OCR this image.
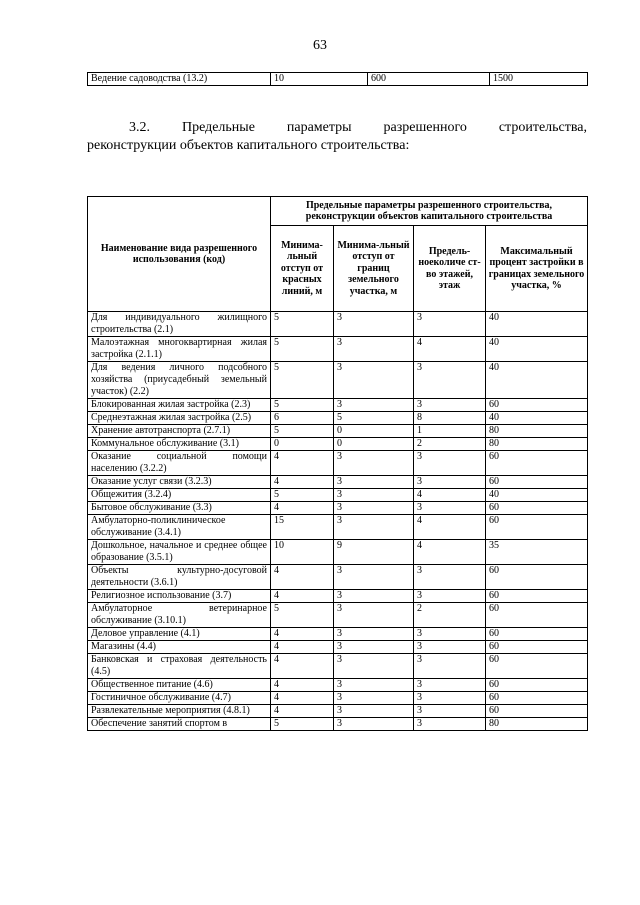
63
Ведение садоводства (13.2)	10	600	1500
3.2. Предельные параметры разрешенного строительства,
реконструкции объектов капитального строительства:
Наименование вида разрешенного использования (код)	Предельные параметры разрешенного строительства, реконструкции объектов капитального строительства			
	Минима-льный отступ от красных линий, м	Минима-льный отступ от границ земельного участка, м	Предель-ноеколиче ст-во этажей, этаж	Максимальный процент застройки в границах земельного участка, %
Для индивидуального жилищного строительства (2.1)	5	3	3	40
Малоэтажная многоквартирная жилая застройка (2.1.1)	5	3	4	40
Для ведения личного подсобного хозяйства (приусадебный земельный участок) (2.2)	5	3	3	40
Блокированная жилая застройка (2.3)	5	3	3	60
Среднеэтажная жилая застройка (2.5)	6	5	8	40
Хранение автотранспорта (2.7.1)	5	0	1	80
Коммунальное обслуживание (3.1)	0	0	2	80
Оказание социальной помощи населению (3.2.2)	4	3	3	60
Оказание услуг связи (3.2.3)	4	3	3	60
Общежития (3.2.4)	5	3	4	40
Бытовое обслуживание (3.3)	4	3	3	60
Амбулаторно-поликлиническое обслуживание (3.4.1)	15	3	4	60
Дошкольное, начальное и среднее общее образование (3.5.1)	10	9	4	35
Объекты культурно-досуговой деятельности (3.6.1)	4	3	3	60
Религиозное использование (3.7)	4	3	3	60
Амбулаторное ветеринарное обслуживание (3.10.1)	5	3	2	60
Деловое управление (4.1)	4	3	3	60
Магазины (4.4)	4	3	3	60
Банковская и страховая деятельность (4.5)	4	3	3	60
Общественное питание (4.6)	4	3	3	60
Гостиничное обслуживание (4.7)	4	3	3	60
Развлекательные мероприятия (4.8.1)	4	3	3	60
Обеспечение занятий спортом в	5	3	3	80
